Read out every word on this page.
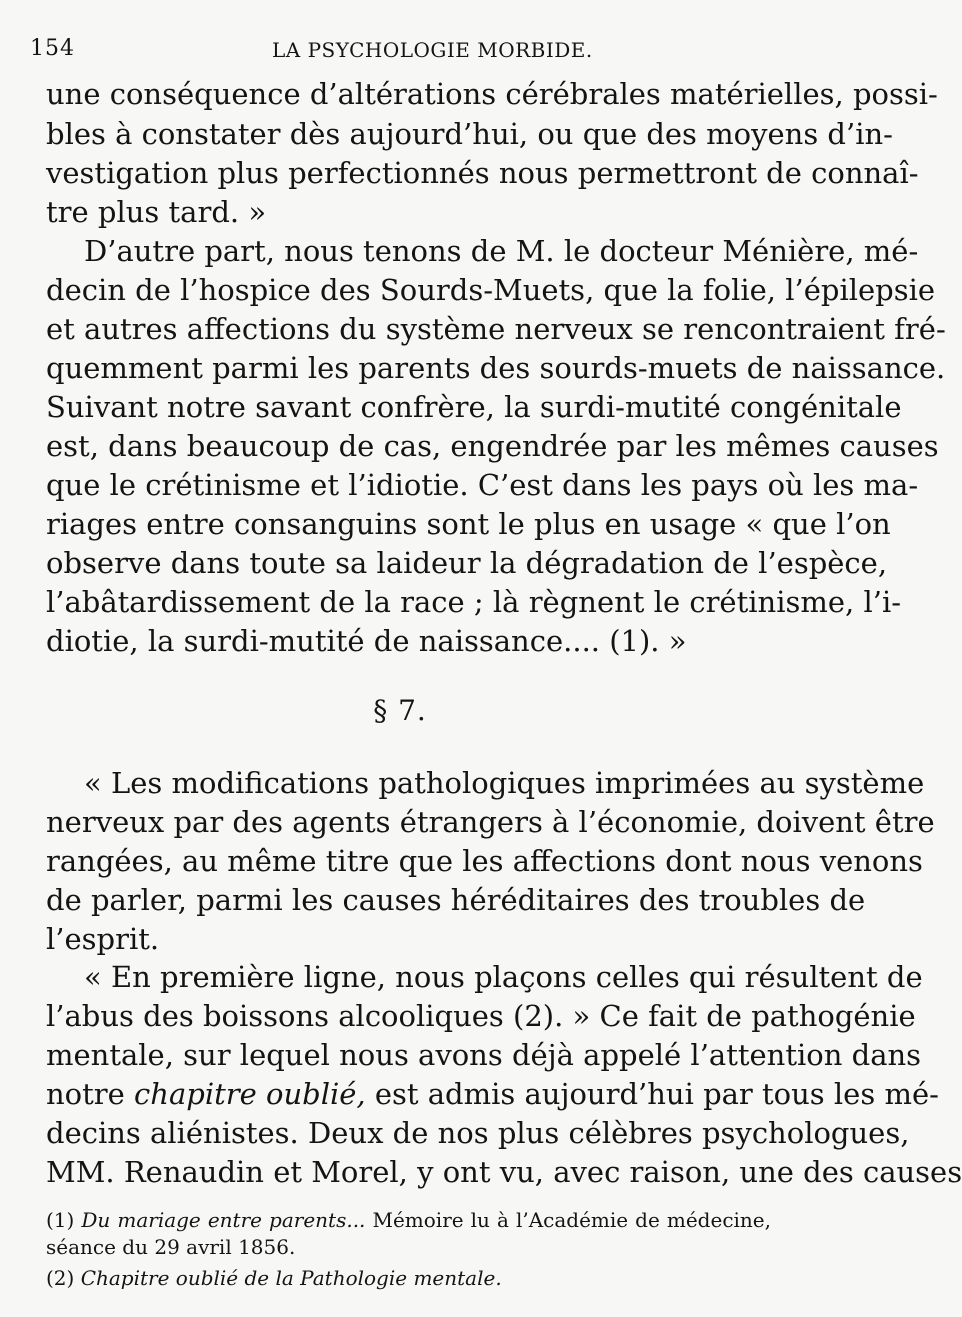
154	LA PSYCHOLOGIE MORBIDE.
une conséquence d’altérations cérébrales matérielles, possi-
bles à constater dès aujourd’hui, ou que des moyens d’in-
vestigation plus perfectionnés nous permettront de connaî-
tre plus tard. »
D’autre part, nous tenons de M. le docteur Ménière, mé-
decin de l’hospice des Sourds-Muets, que la folie, l’épilepsie
et autres affections du système nerveux se rencontraient fré-
quemment parmi les parents des sourds-muets de naissance.
Suivant notre savant confrère, la surdi-mutité congénitale
est, dans beaucoup de cas, engendrée par les mêmes causes
que le crétinisme et l’idiotie. C’est dans les pays où les ma-
riages entre consanguins sont le plus en usage « que l’on
observe dans toute sa laideur la dégradation de l’espèce,
l’abâtardissement de la race ; là règnent le crétinisme, l’i-
diotie, la surdi-mutité de naissance.... (1). »
§ 7.
« Les modifications pathologiques imprimées au système
nerveux par des agents étrangers à l’économie, doivent être
rangées, au même titre que les affections dont nous venons
de parler, parmi les causes héréditaires des troubles de
l’esprit.
« En première ligne, nous plaçons celles qui résultent de
l’abus des boissons alcooliques (2). » Ce fait de pathogénie
mentale, sur lequel nous avons déjà appelé l’attention dans
notre chapitre oublié, est admis aujourd’hui par tous les mé-
decins aliénistes. Deux de nos plus célèbres psychologues,
MM. Renaudin et Morel, y ont vu, avec raison, une des causes
(1) Du mariage entre parents... Mémoire lu à l’Académie de médecine,
séance du 29 avril 1856.
(2) Chapitre oublié de la Pathologie mentale.
